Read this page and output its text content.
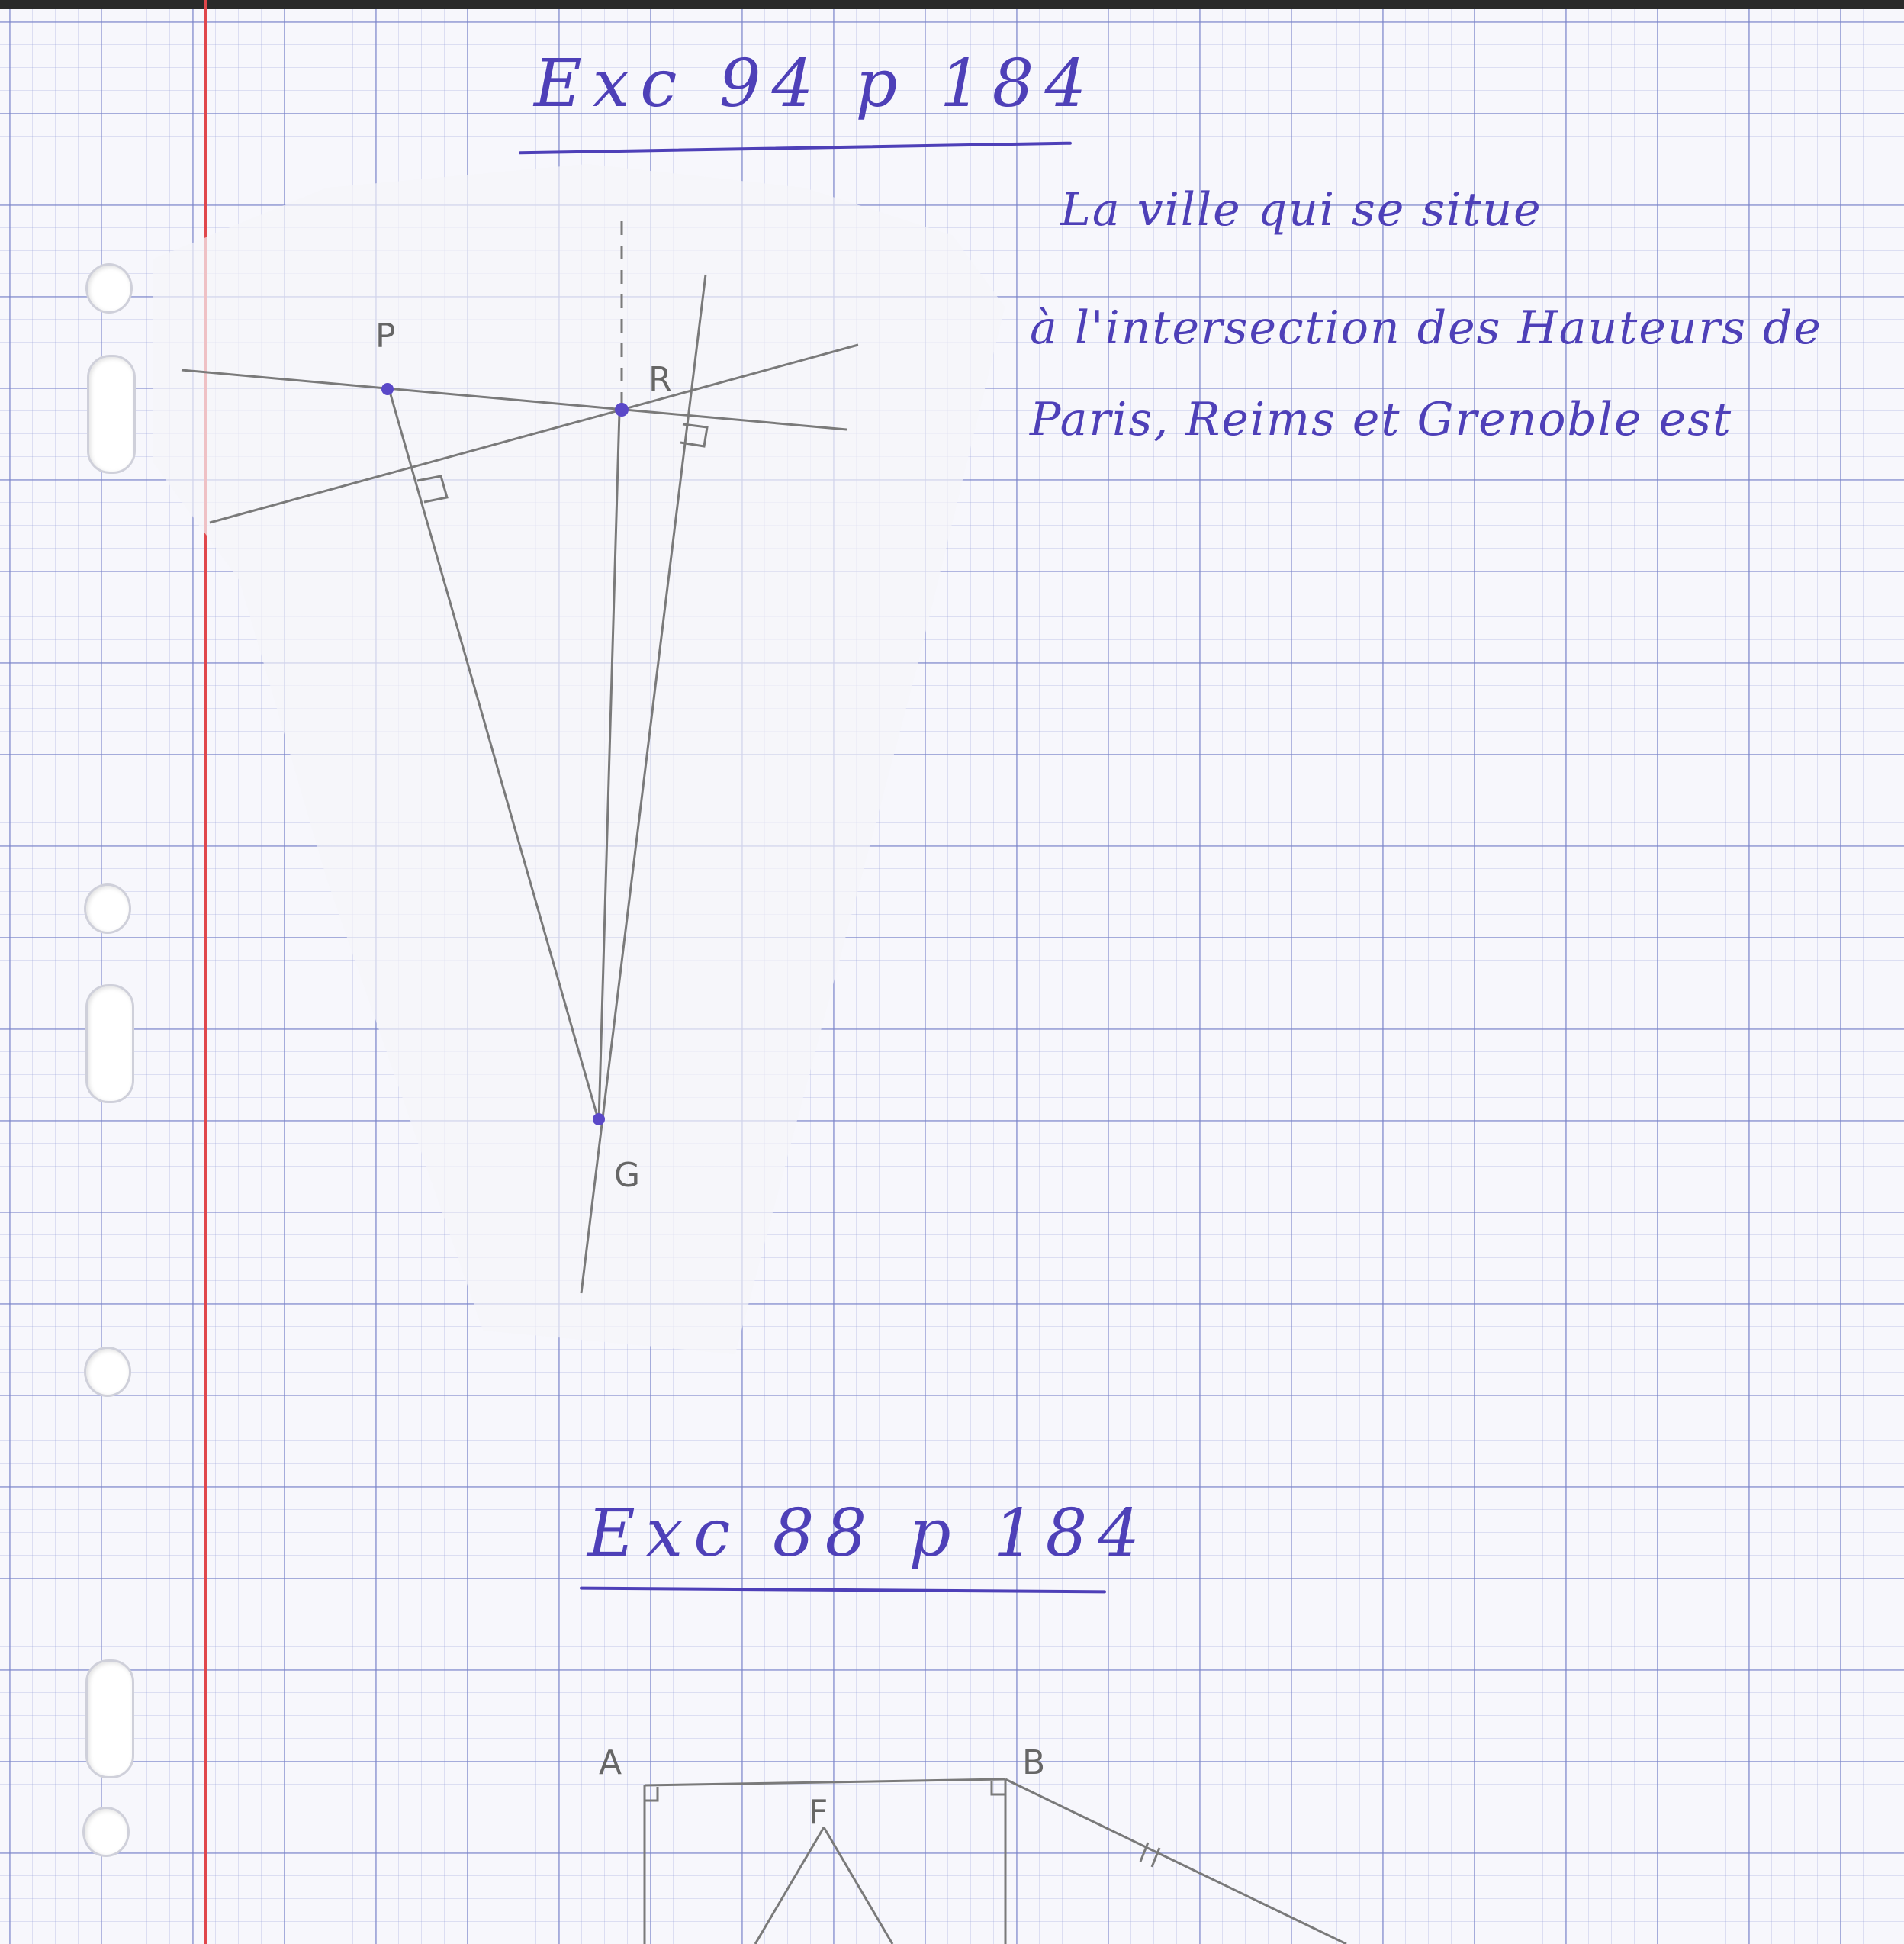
Exc 94 p 184
La ville qui se situe
à l'intersection des Hauteurs de
Paris, Reims et Grenoble est
P
R
G
A	B
F
Exc 88 p 184
